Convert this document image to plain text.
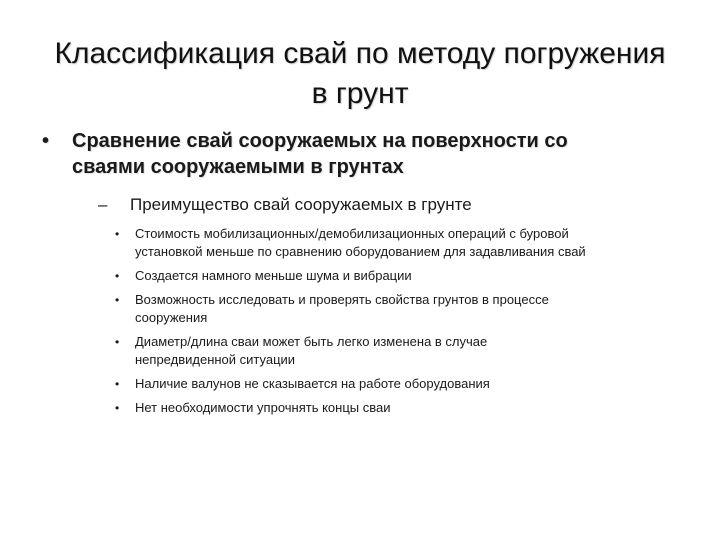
Классификация свай по методу погружения
в грунт
• Сравнение свай сооружаемых на поверхности со
сваями сооружаемыми в грунтах
– Преимущество свай сооружаемых в грунте
• Стоимость мобилизационных/демобилизационных операций с буровой
установкой меньше по сравнению оборудованием для задавливания свай
• Создается намного меньше шума и вибрации
• Возможность исследовать и проверять свойства грунтов в процессе
сооружения
• Диаметр/длина сваи может быть легко изменена в случае
непредвиденной ситуации
• Наличие валунов не сказывается на работе оборудования
• Нет необходимости упрочнять концы сваи
